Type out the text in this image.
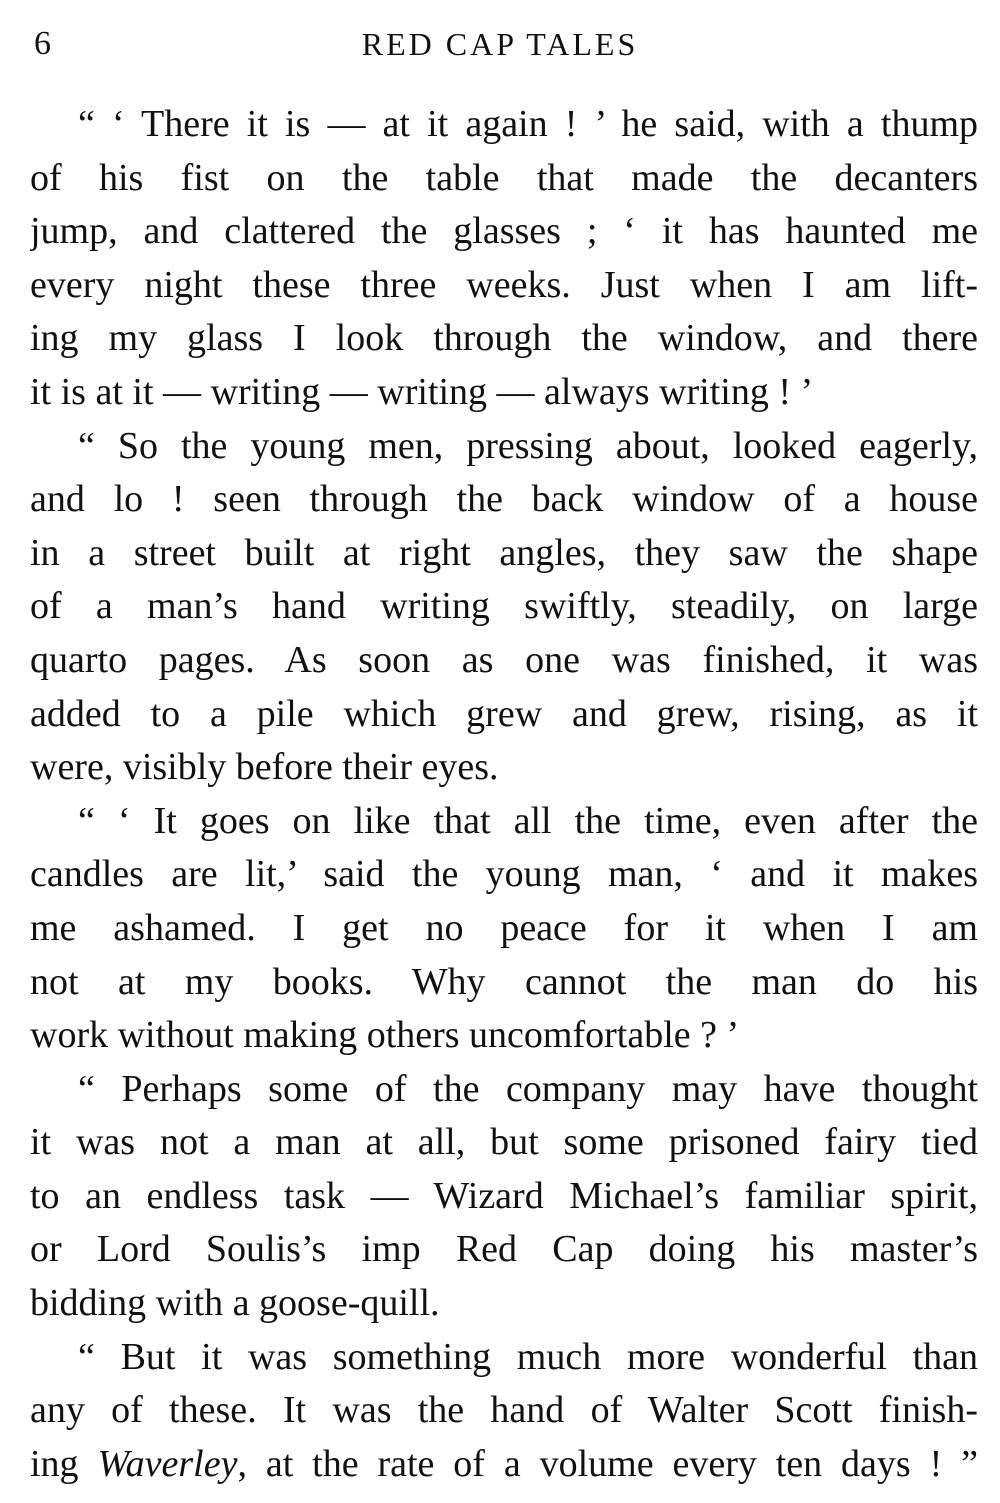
6	RED CAP TALES
“ ‘ There it is — at it again ! ’ he said, with a thump
of his fist on the table that made the decanters
jump, and clattered the glasses ; ‘ it has haunted me
every night these three weeks. Just when I am lift-
ing my glass I look through the window, and there
it is at it — writing — writing — always writing ! ’
“ So the young men, pressing about, looked eagerly,
and lo ! seen through the back window of a house
in a street built at right angles, they saw the shape
of a man’s hand writing swiftly, steadily, on large
quarto pages. As soon as one was finished, it was
added to a pile which grew and grew, rising, as it
were, visibly before their eyes.
“ ‘ It goes on like that all the time, even after the
candles are lit,’ said the young man, ‘ and it makes
me ashamed. I get no peace for it when I am
not at my books. Why cannot the man do his
work without making others uncomfortable ? ’
“ Perhaps some of the company may have thought
it was not a man at all, but some prisoned fairy tied
to an endless task — Wizard Michael’s familiar spirit,
or Lord Soulis’s imp Red Cap doing his master’s
bidding with a goose-quill.
“ But it was something much more wonderful than
any of these. It was the hand of Walter Scott finish-
ing Waverley, at the rate of a volume every ten days ! ”
